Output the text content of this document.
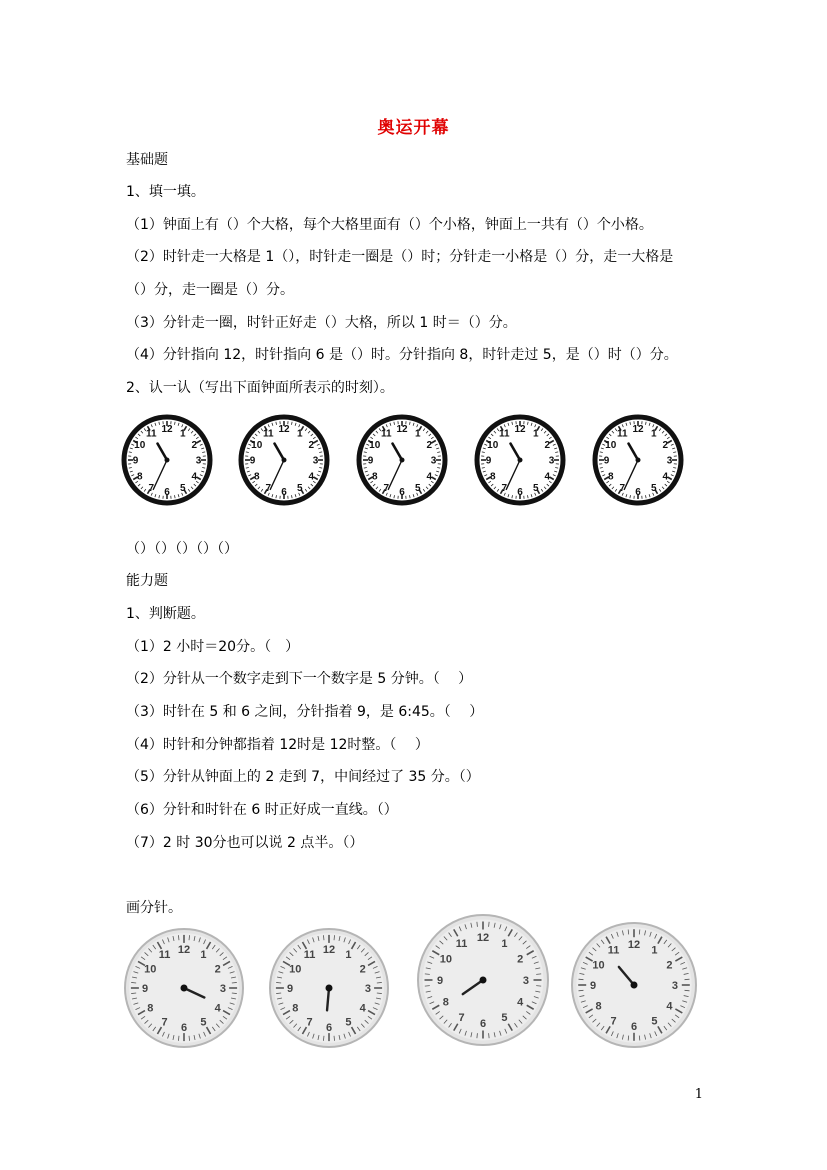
奥运开幕
基础题
1、填一填。
（1）钟面上有（）个大格，每个大格里面有（）个小格，钟面上一共有（）个小格。
（2）时针走一大格是 1（），时针走一圈是（）时；分针走一小格是（）分，走一大格是
（）分，走一圈是（）分。
（3）分针走一圈，时针正好走（）大格，所以 1 时＝（）分。
（4）分针指向 12，时针指向 6 是（）时。分针指向 8，时针走过 5，是（）时（）分。
2、认一认（写出下面钟面所表示的时刻）。
12 1
2
3
4
5
6
7
8
9
10
11	12 1
2
3
4
5
6
7
8
9
10
11	12 1
2
3
4
5
6
7
8
9
10
11	12 1
2
3
4
5
6
7
8
9
10
11	12 1
2
3
4
5
6
7
8
9
10
11
（）（）（）（）（）
能力题
1、判断题。
（1）2 小时＝20分。（　）
（2）分针从一个数字走到下一个数字是 5 分钟。（　 ）
（3）时针在 5 和 6 之间，分针指着 9，是 6:45。（　 ）
（4）时针和分钟都指着 12时是 12时整。（　 ）
（5）分针从钟面上的 2 走到 7，中间经过了 35 分。（）
（6）分针和时针在 6 时正好成一直线。（）
（7）2 时 30分也可以说 2 点半。（）
画分针。
12 1
2
3
4
5
6
7
8
9
10
11	12 1
2
3
4
5
6
7
8
9
10
11
12 1
2
3
4
5
6
7
8
9
10
11	12 1
2
3
4
5
6
7
8
9
10
11
1
